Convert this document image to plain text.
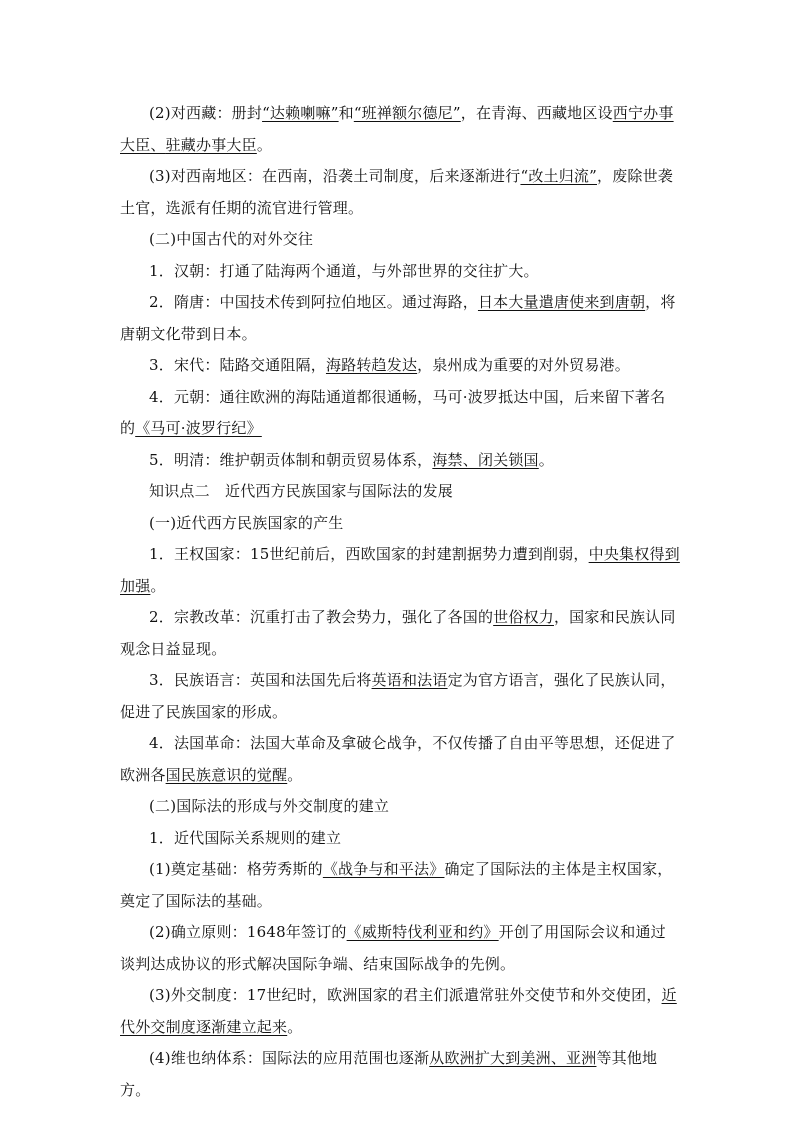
(2)对西藏：册封“达赖喇嘛”和“班禅额尔德尼”，在青海、西藏地区设西宁办事大臣、驻藏办事大臣。

(3)对西南地区：在西南，沿袭土司制度，后来逐渐进行“改土归流”，废除世袭土官，选派有任期的流官进行管理。

(二)中国古代的对外交往

1．汉朝：打通了陆海两个通道，与外部世界的交往扩大。

2．隋唐：中国技术传到阿拉伯地区。通过海路，日本大量遣唐使来到唐朝，将唐朝文化带到日本。

3．宋代：陆路交通阻隔，海路转趋发达，泉州成为重要的对外贸易港。

4．元朝：通往欧洲的海陆通道都很通畅，马可·波罗抵达中国，后来留下著名的《马可·波罗行纪》

5．明清：维护朝贡体制和朝贡贸易体系，海禁、闭关锁国。

知识点二　近代西方民族国家与国际法的发展

(一)近代西方民族国家的产生

1．王权国家：15世纪前后，西欧国家的封建割据势力遭到削弱，中央集权得到加强。

2．宗教改革：沉重打击了教会势力，强化了各国的世俗权力，国家和民族认同观念日益显现。

3．民族语言：英国和法国先后将英语和法语定为官方语言，强化了民族认同，促进了民族国家的形成。

4．法国革命：法国大革命及拿破仑战争，不仅传播了自由平等思想，还促进了欧洲各国民族意识的觉醒。

(二)国际法的形成与外交制度的建立

1．近代国际关系规则的建立

(1)奠定基础：格劳秀斯的《战争与和平法》确定了国际法的主体是主权国家，奠定了国际法的基础。

(2)确立原则：1648年签订的《威斯特伐利亚和约》开创了用国际会议和通过谈判达成协议的形式解决国际争端、结束国际战争的先例。

(3)外交制度：17世纪时，欧洲国家的君主们派遣常驻外交使节和外交使团，近代外交制度逐渐建立起来。

(4)维也纳体系：国际法的应用范围也逐渐从欧洲扩大到美洲、亚洲等其他地方。
